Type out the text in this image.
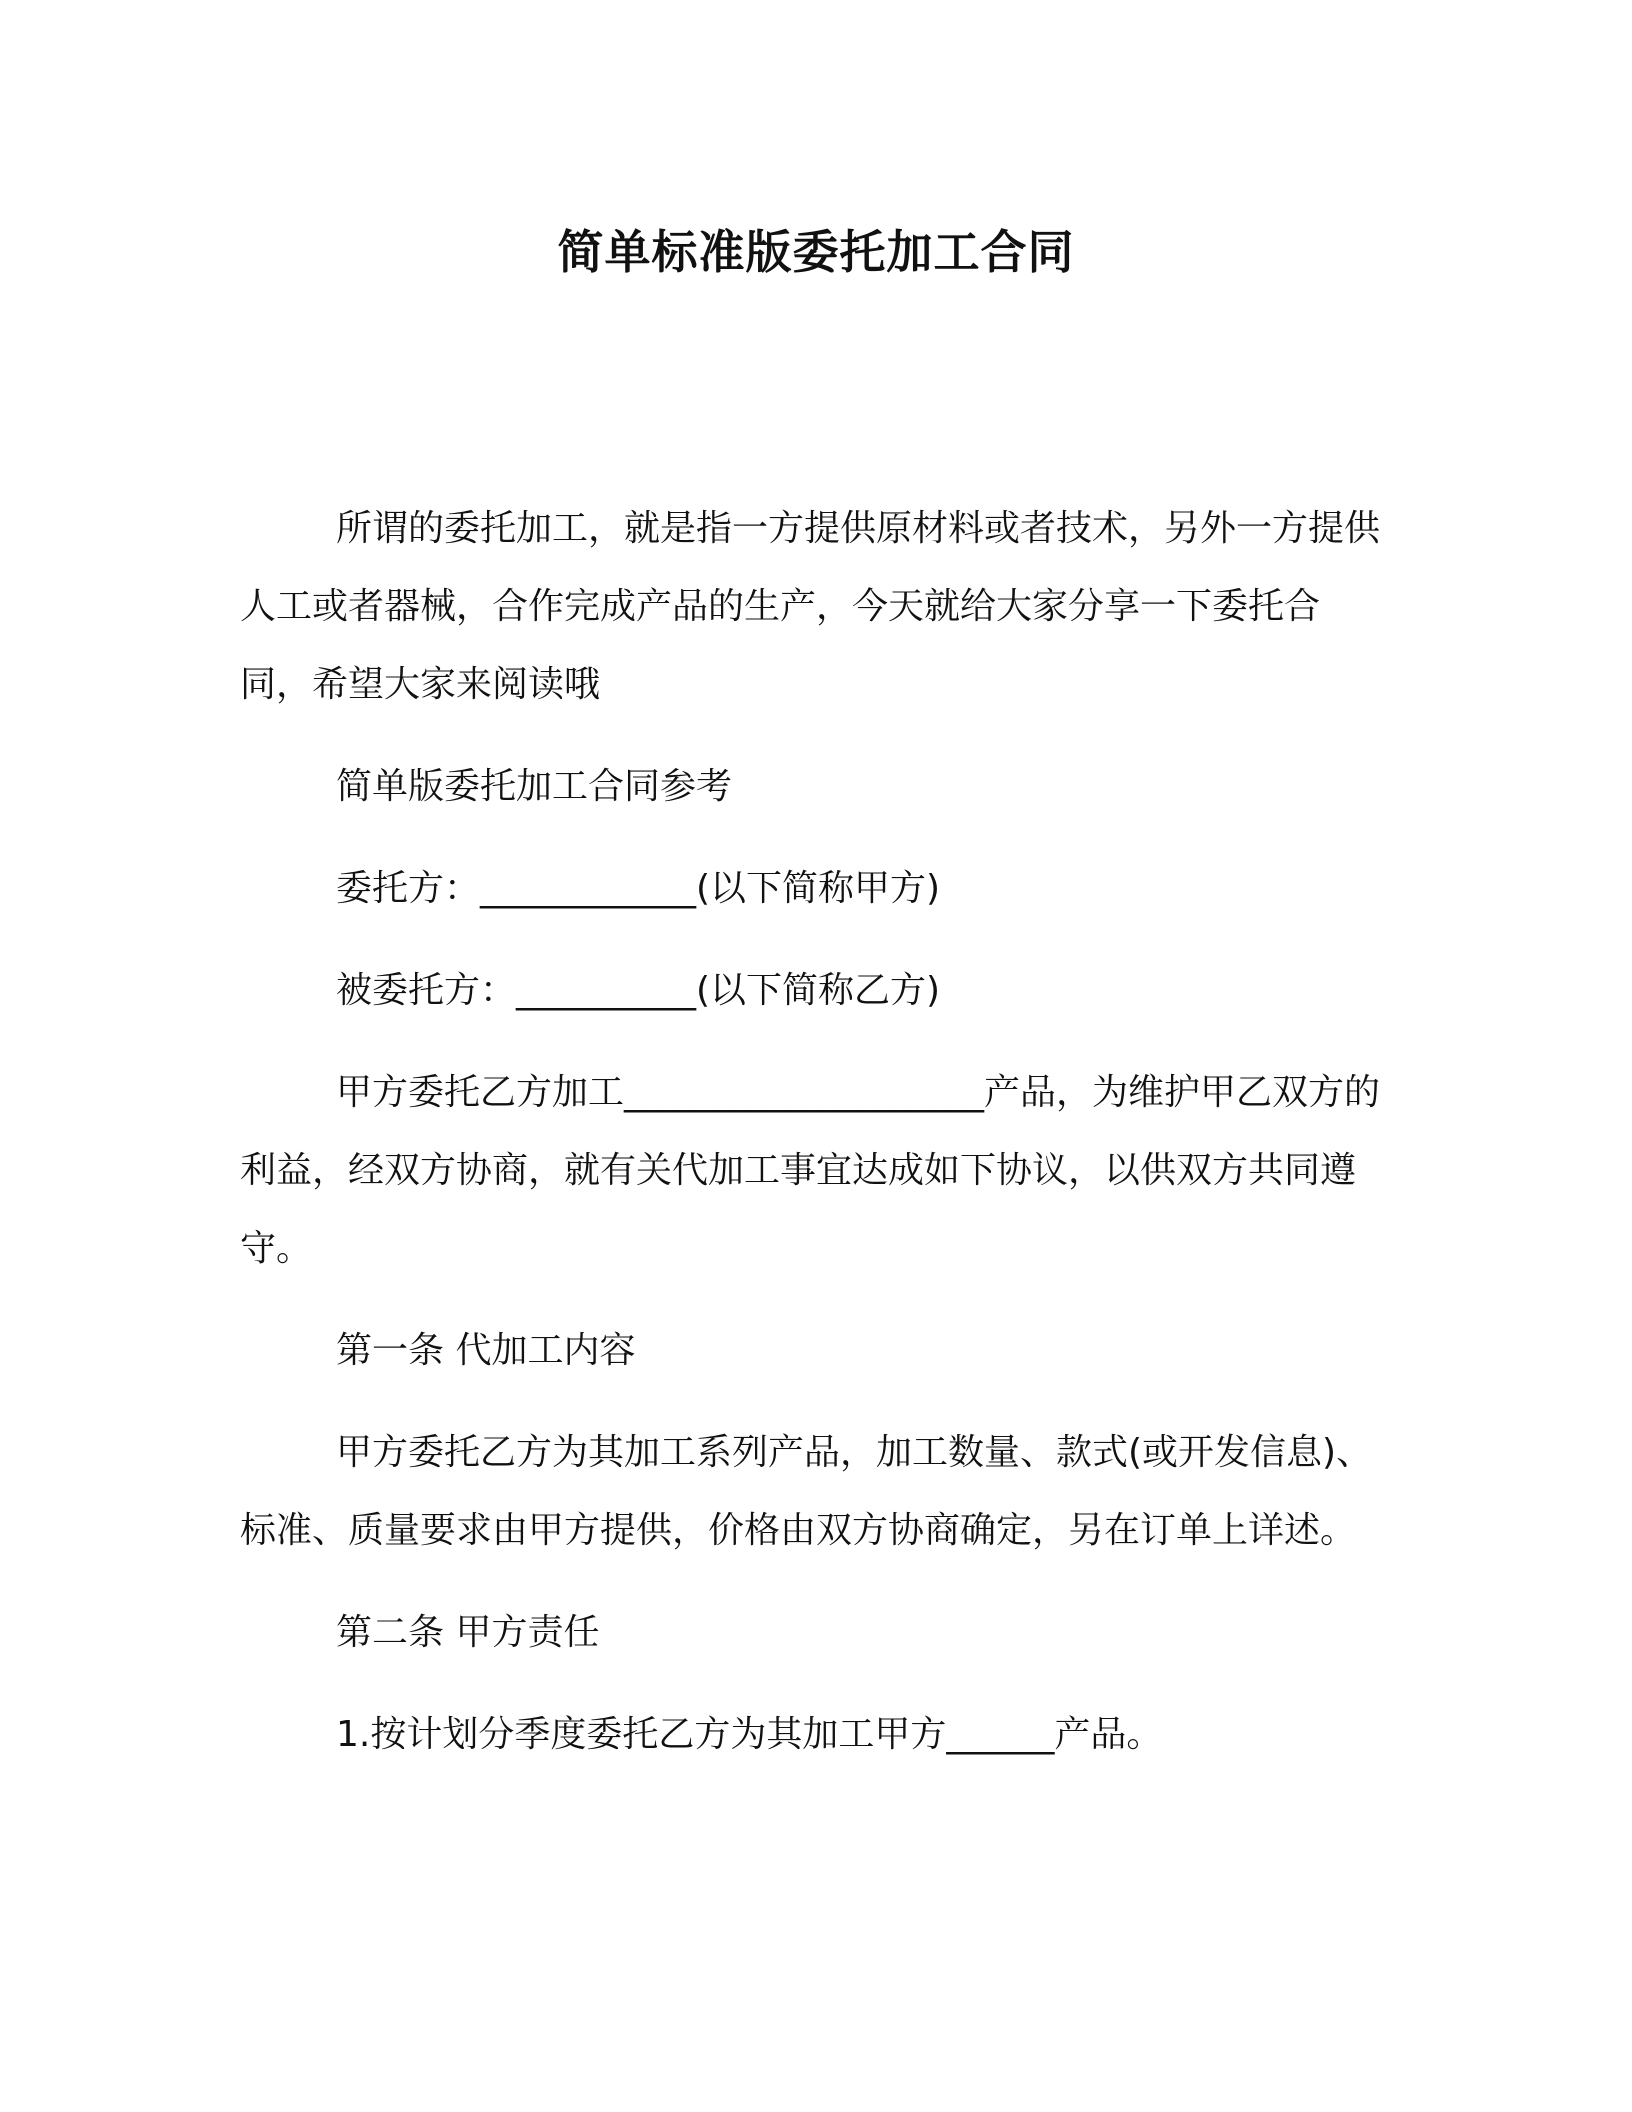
简单标准版委托加工合同

所谓的委托加工，就是指一方提供原材料或者技术，另外一方提供人工或者器械，合作完成产品的生产，今天就给大家分享一下委托合同，希望大家来阅读哦

简单版委托加工合同参考

委托方：____________(以下简称甲方)

被委托方：__________(以下简称乙方)

甲方委托乙方加工____________________产品，为维护甲乙双方的利益，经双方协商，就有关代加工事宜达成如下协议，以供双方共同遵守。

第一条 代加工内容

甲方委托乙方为其加工系列产品，加工数量、款式(或开发信息)、标准、质量要求由甲方提供，价格由双方协商确定，另在订单上详述。

第二条 甲方责任

1.按计划分季度委托乙方为其加工甲方______产品。
